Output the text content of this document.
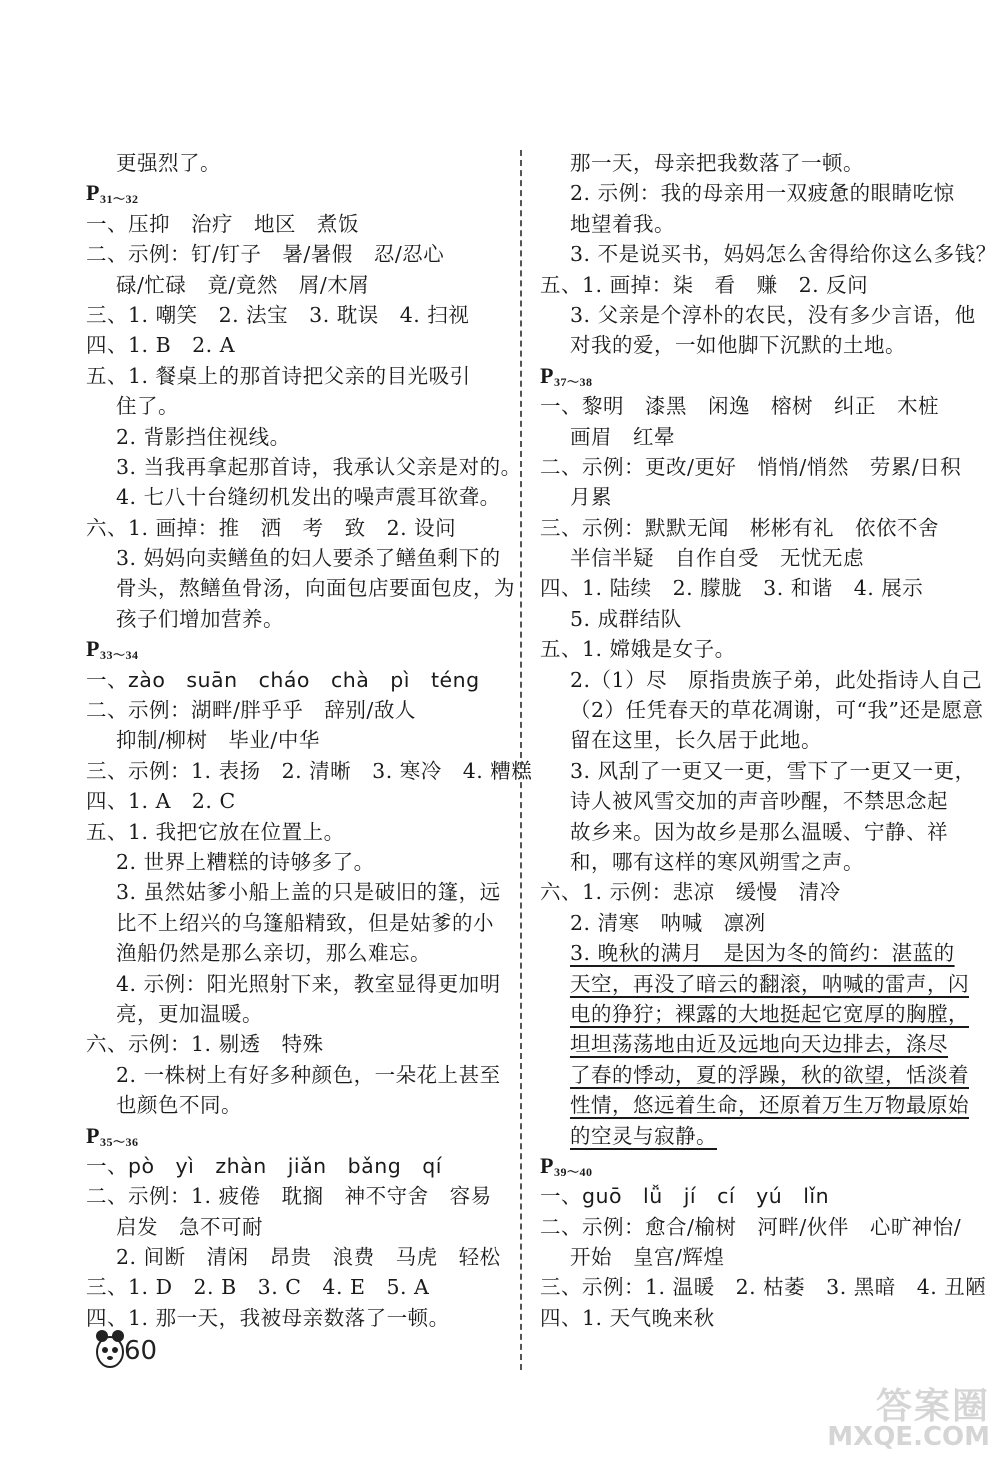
更强烈了。
$P_{31\sim 32}$
一、压抑　治疗　地区　煮饭
二、示例：钉/钉子　暑/暑假　忍/忍心
碌/忙碌　竟/竟然　屑/木屑
三、1. 嘲笑　2. 法宝　3. 耽误　4. 扫视
四、1. B　2. A
五、1. 餐桌上的那首诗把父亲的目光吸引
住了。
2. 背影挡住视线。
3. 当我再拿起那首诗，我承认父亲是对的。
4. 七八十台缝纫机发出的噪声震耳欲聋。
六、1. 画掉：推　洒　考　致　2. 设问
3. 妈妈向卖鳝鱼的妇人要杀了鳝鱼剩下的
骨头，熬鳝鱼骨汤，向面包店要面包皮，为
孩子们增加营养。
$P_{33\sim 34}$
一、zào　suān　cháo　chà　pì　téng
二、示例：湖畔/胖乎乎　辞别/敌人
抑制/柳树　毕业/中华
三、示例：1. 表扬　2. 清晰　3. 寒冷　4. 糟糕
四、1. A　2. C
五、1. 我把它放在位置上。
2. 世界上糟糕的诗够多了。
3. 虽然姑爹小船上盖的只是破旧的篷，远
比不上绍兴的乌篷船精致，但是姑爹的小
渔船仍然是那么亲切，那么难忘。
4. 示例：阳光照射下来，教室显得更加明
亮，更加温暖。
六、示例：1. 剔透　特殊
2. 一株树上有好多种颜色，一朵花上甚至
也颜色不同。
$P_{35\sim 36}$
一、pò　yì　zhàn　jiǎn　bǎng　qí
二、示例：1. 疲倦　耽搁　神不守舍　容易
启发　急不可耐
2. 间断　清闲　昂贵　浪费　马虎　轻松
三、1. D　2. B　3. C　4. E　5. A
四、1. 那一天，我被母亲数落了一顿。
那一天，母亲把我数落了一顿。
2. 示例：我的母亲用一双疲惫的眼睛吃惊
地望着我。
3. 不是说买书，妈妈怎么舍得给你这么多钱？
五、1. 画掉：柒　看　赚　2. 反问
3. 父亲是个淳朴的农民，没有多少言语，他
对我的爱，一如他脚下沉默的土地。
$P_{37\sim 38}$
一、黎明　漆黑　闲逸　榕树　纠正　木桩
画眉　红晕
二、示例：更改/更好　悄悄/悄然　劳累/日积
月累
三、示例：默默无闻　彬彬有礼　依依不舍
半信半疑　自作自受　无忧无虑
四、1. 陆续　2. 朦胧　3. 和谐　4. 展示
5. 成群结队
五、1. 嫦娥是女子。
2.（1）尽　原指贵族子弟，此处指诗人自己
（2）任凭春天的草花凋谢，可“我”还是愿意
留在这里，长久居于此地。
3. 风刮了一更又一更，雪下了一更又一更，
诗人被风雪交加的声音吵醒，不禁思念起
故乡来。因为故乡是那么温暖、宁静、祥
和，哪有这样的寒风朔雪之声。
六、1. 示例：悲凉　缓慢　清冷
2. 清寒　呐喊　凛冽
3. 晚秋的满月　是因为冬的简约：湛蓝的
天空，再没了暗云的翻滚，呐喊的雷声，闪
电的狰狞；裸露的大地挺起它宽厚的胸膛，
坦坦荡荡地由近及远地向天边排去，涤尽
了春的悸动，夏的浮躁，秋的欲望，恬淡着
性情，悠远着生命，还原着万生万物最原始
的空灵与寂静。
$P_{39\sim 40}$
一、guō　lǚ　jí　cí　yú　lǐn
二、示例：愈合/榆树　河畔/伙伴　心旷神怡/
开始　皇宫/辉煌
三、示例：1. 温暖　2. 枯萎　3. 黑暗　4. 丑陋
四、1. 天气晚来秋
60
答案圈
MXQE.COM
